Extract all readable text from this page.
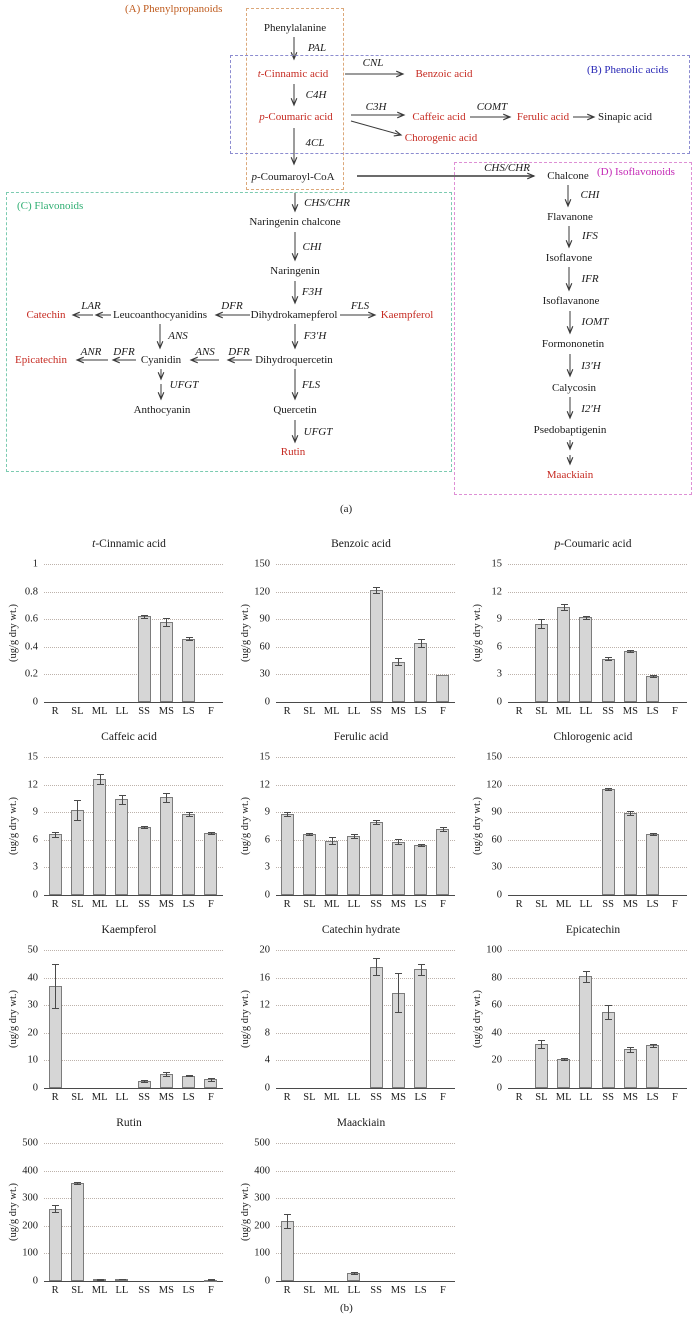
(A) Phenylpropanoids
(B) Phenolic acids
(C) Flavonoids
(D) Isoflavonoids
Phenylalanine
t-Cinnamic acid	Benzoic acid
p-Coumaric acid	Caffeic acid	Ferulic acid	Sinapic acid
Chorogenic acid
p-Coumaroyl-CoA	Chalcone
Flavanone
Isoflavone
Isoflavanone
Formononetin
Calycosin
Psedobaptigenin
Maackiain
Naringenin chalcone
Naringenin
Catechin	Leucoanthocyanidins	Dihydrokamepferol	Kaempferol
Epicatechin	Cyanidin	Dihydroquercetin
Anthocyanin	Quercetin
Rutin
PAL
CNL
C4H
C3H	COMT
4CL
CHS/CHR
CHS/CHR
CHI
IFS
IFR
IOMT
I3′H
I2′H
CHI
F3H
LAR	DFR	FLS
ANS	F3′H
ANR DFR	ANS DFR
UFGT	FLS
UFGT
(a)
t-Cinnamic acid
(ug/g dry wt.)
0
0.2
0.4
0.6
0.8
1
R SL ML LL SS MS LS F
Benzoic acid
(ug/g dry wt.)
0
30
60
90
120
150
R SL ML LL SS MS LS F
p-Coumaric acid
(ug/g dry wt.)
0
3
6
9
12
15
R SL ML LL SS MS LS F
Caffeic acid
(ug/g dry wt.)
0
3
6
9
12
15
R SL ML LL SS MS LS F
Ferulic acid
(ug/g dry wt.)
0
3
6
9
12
15
R SL ML LL SS MS LS F
Chlorogenic acid
(ug/g dry wt.)
0
30
60
90
120
150
R SL ML LL SS MS LS F
Kaempferol
(ug/g dry wt.)
0
10
20
30
40
50
R SL ML LL SS MS LS F
Catechin hydrate
(ug/g dry wt.)
0
4
8
12
16
20
R SL ML LL SS MS LS F
Epicatechin
(ug/g dry wt.)
0
20
40
60
80
100
R SL ML LL SS MS LS F
Rutin
(ug/g dry wt.)
0
100
200
300
400
500
R SL ML LL SS MS LS F
Maackiain
(ug/g dry wt.)
0
100
200
300
400
500
R SL ML LL SS MS LS F
(b)
